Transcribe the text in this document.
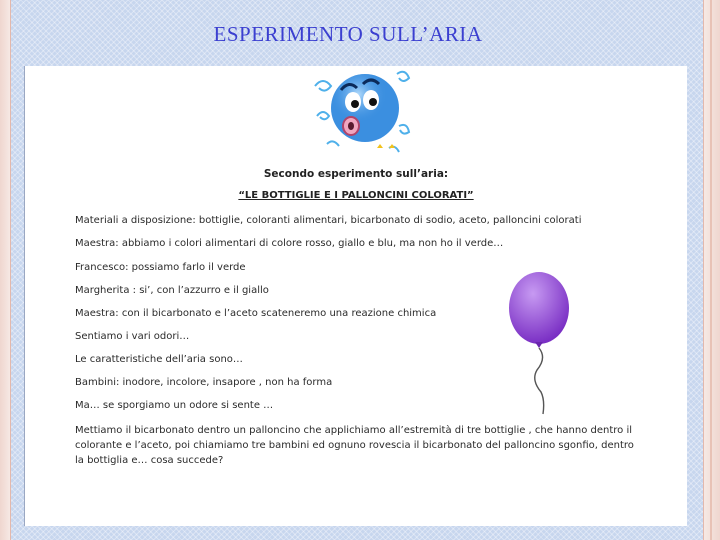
ESPERIMENTO SULL’ARIA
Secondo esperimento sull’aria:
“LE BOTTIGLIE E I PALLONCINI COLORATI”
Materiali a disposizione: bottiglie, coloranti alimentari, bicarbonato di sodio, aceto, palloncini colorati
Maestra: abbiamo i colori alimentari di colore rosso, giallo e blu, ma non ho il verde…
Francesco: possiamo farlo il verde
Margherita : si’, con l’azzurro e il giallo
Maestra: con il bicarbonato e l’aceto scateneremo una reazione chimica
Sentiamo i vari odori…
Le caratteristiche dell’aria sono…
Bambini: inodore, incolore, insapore , non ha forma
Ma… se sporgiamo un odore si sente …
Mettiamo il bicarbonato dentro un palloncino che applichiamo all’estremità di tre bottiglie , che hanno dentro il colorante e l’aceto, poi chiamiamo tre bambini ed ognuno rovescia il bicarbonato del palloncino sgonfio, dentro la bottiglia e… cosa succede?
